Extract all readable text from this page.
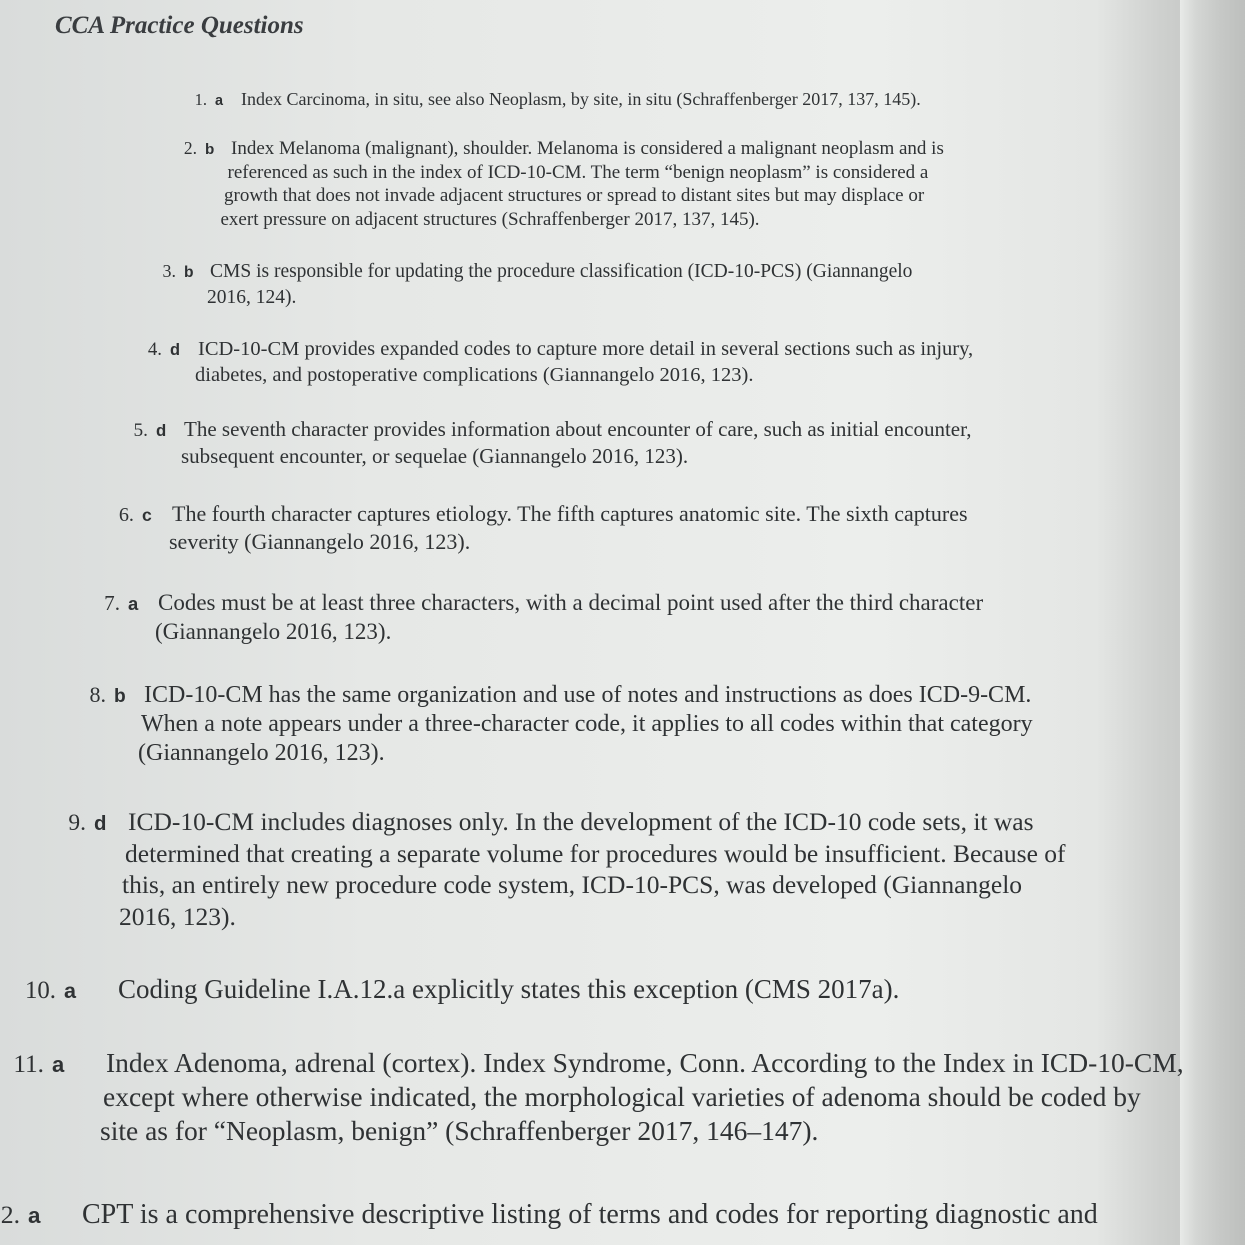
CCA Practice Questions
1. a Index Carcinoma, in situ, see also Neoplasm, by site, in situ (Schraffenberger 2017, 137, 145).
2. b Index Melanoma (malignant), shoulder. Melanoma is considered a malignant neoplasm and is
referenced as such in the index of ICD-10-CM. The term “benign neoplasm” is considered a
growth that does not invade adjacent structures or spread to distant sites but may displace or
exert pressure on adjacent structures (Schraffenberger 2017, 137, 145).
3. b CMS is responsible for updating the procedure classification (ICD-10-PCS) (Giannangelo
2016, 124).
4. d ICD-10-CM provides expanded codes to capture more detail in several sections such as injury,
diabetes, and postoperative complications (Giannangelo 2016, 123).
5. d The seventh character provides information about encounter of care, such as initial encounter,
subsequent encounter, or sequelae (Giannangelo 2016, 123).
6. c The fourth character captures etiology. The fifth captures anatomic site. The sixth captures
severity (Giannangelo 2016, 123).
7. a Codes must be at least three characters, with a decimal point used after the third character
(Giannangelo 2016, 123).
8. b ICD-10-CM has the same organization and use of notes and instructions as does ICD-9-CM.
When a note appears under a three-character code, it applies to all codes within that category
(Giannangelo 2016, 123).
9. d ICD-10-CM includes diagnoses only. In the development of the ICD-10 code sets, it was
determined that creating a separate volume for procedures would be insufficient. Because of
this, an entirely new procedure code system, ICD-10-PCS, was developed (Giannangelo
2016, 123).
10. a	Coding Guideline I.A.12.a explicitly states this exception (CMS 2017a).
11. a	Index Adenoma, adrenal (cortex). Index Syndrome, Conn. According to the Index in ICD-10-CM,
except where otherwise indicated, the morphological varieties of adenoma should be coded by
site as for “Neoplasm, benign” (Schraffenberger 2017, 146–147).
2. a	CPT is a comprehensive descriptive listing of terms and codes for reporting diagnostic and
